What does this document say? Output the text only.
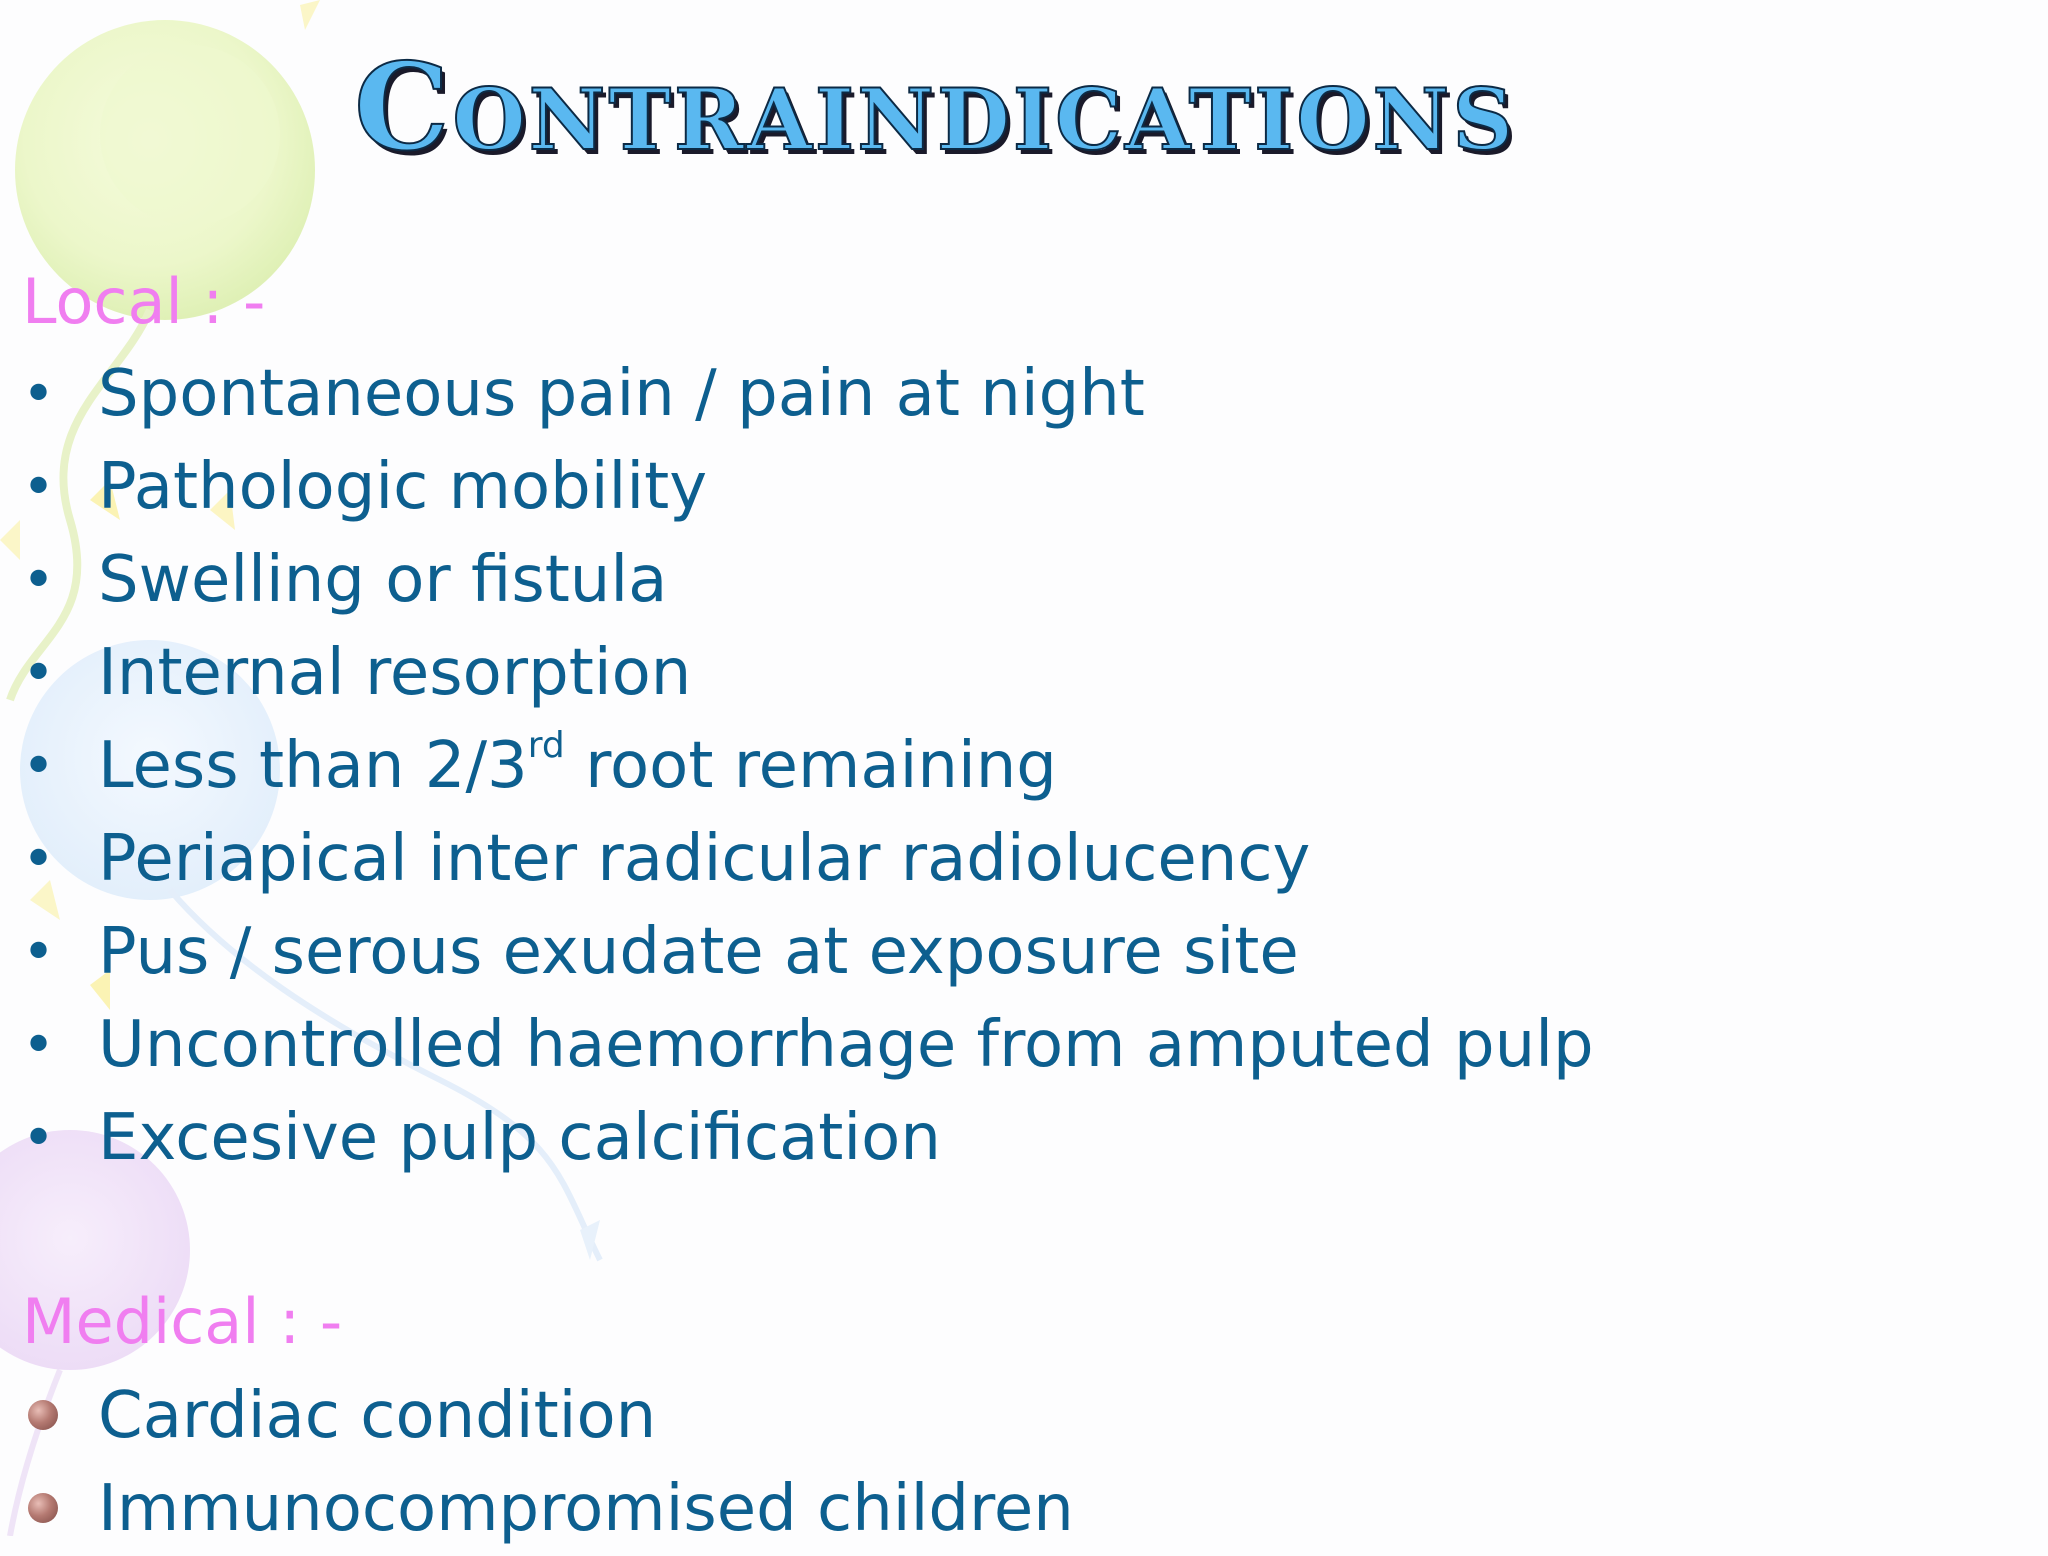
Contraindications

Local : -

• Spontaneous pain / pain at night
• Pathologic mobility
• Swelling or fistula
• Internal resorption
• Less than 2/3rd root remaining
• Periapical inter radicular radiolucency
• Pus / serous exudate at exposure site
• Uncontrolled haemorrhage from amputed pulp
• Excesive pulp calcification

Medical : -

Cardiac condition
Immunocompromised children
